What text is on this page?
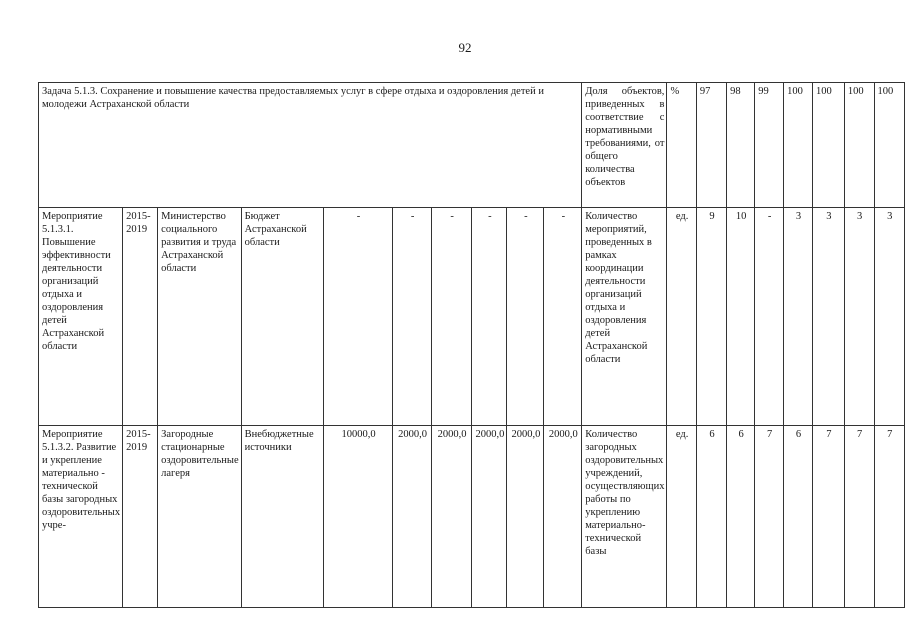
92
Задача 5.1.3. Сохранение и повышение качества предоставляемых услуг в сфере отдыха и оздоровления детей и молодежи Астраханской области										Доля объектов, приведенных в соответствие с нормативными требованиями, от общего количества объектов	%	97	98	99	100	100	100	100
Мероприятие 5.1.3.1. Повышение эффективности деятельности организаций отдыха и оздоровления детей Астраханской области	2015-2019	Министерство социального развития и труда Астраханской области	Бюджет Астраханской области	-	-	-	-	-	-	Количество мероприятий, проведенных в рамках координации деятельности организаций отдыха и оздоровления детей Астраханской области	ед.	9	10	-	3	3	3	3
Мероприятие 5.1.3.2. Развитие и укрепление материально - технической базы загородных оздоровительных учре-	2015-2019	Загородные стационарные оздоровительные лагеря	Внебюджетные источники	10000,0	2000,0	2000,0	2000,0	2000,0	2000,0	Количество загородных оздоровительных учреждений, осуществляющих работы по укреплению материально-технической базы	ед.	6	6	7	6	7	7	7
